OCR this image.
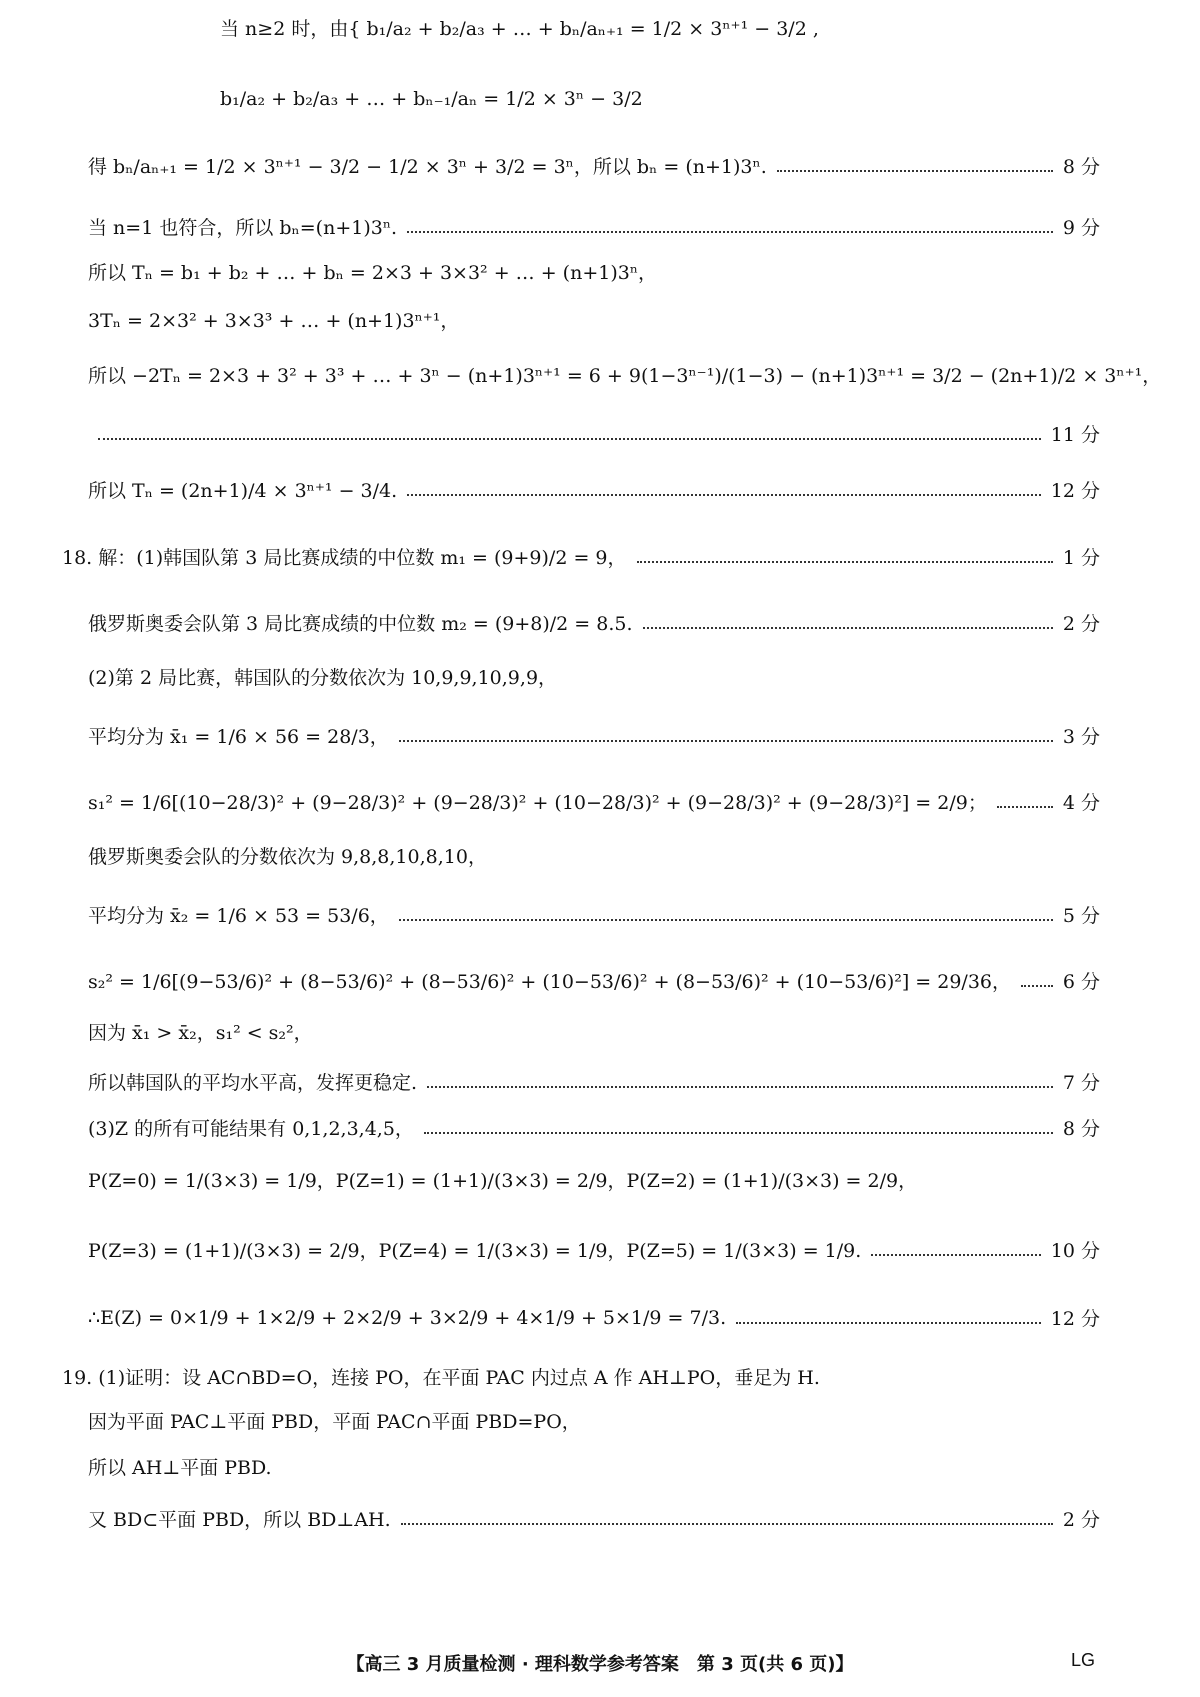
当 n≥2 时，由{ b₁/a₂ + b₂/a₃ + … + bₙ/aₙ₊₁ = 1/2 × 3ⁿ⁺¹ − 3/2 ,
b₁/a₂ + b₂/a₃ + … + bₙ₋₁/aₙ = 1/2 × 3ⁿ − 3/2
得 bₙ/aₙ₊₁ = 1/2 × 3ⁿ⁺¹ − 3/2 − 1/2 × 3ⁿ + 3/2 = 3ⁿ，所以 bₙ = (n+1)3ⁿ.	8 分
当 n=1 也符合，所以 bₙ=(n+1)3ⁿ.	9 分
所以 Tₙ = b₁ + b₂ + … + bₙ = 2×3 + 3×3² + … + (n+1)3ⁿ，
3Tₙ = 2×3² + 3×3³ + … + (n+1)3ⁿ⁺¹，
所以 −2Tₙ = 2×3 + 3² + 3³ + … + 3ⁿ − (n+1)3ⁿ⁺¹ = 6 + 9(1−3ⁿ⁻¹)/(1−3) − (n+1)3ⁿ⁺¹ = 3/2 − (2n+1)/2 × 3ⁿ⁺¹，
11 分
所以 Tₙ = (2n+1)/4 × 3ⁿ⁺¹ − 3/4.	12 分
18. 解：(1)韩国队第 3 局比赛成绩的中位数 m₁ = (9+9)/2 = 9，	1 分
俄罗斯奥委会队第 3 局比赛成绩的中位数 m₂ = (9+8)/2 = 8.5.	2 分
(2)第 2 局比赛，韩国队的分数依次为 10,9,9,10,9,9，
平均分为 x̄₁ = 1/6 × 56 = 28/3，	3 分
s₁² = 1/6[(10−28/3)² + (9−28/3)² + (9−28/3)² + (10−28/3)² + (9−28/3)² + (9−28/3)²] = 2/9；	4 分
俄罗斯奥委会队的分数依次为 9,8,8,10,8,10，
平均分为 x̄₂ = 1/6 × 53 = 53/6，	5 分
s₂² = 1/6[(9−53/6)² + (8−53/6)² + (8−53/6)² + (10−53/6)² + (8−53/6)² + (10−53/6)²] = 29/36，	6 分
因为 x̄₁ > x̄₂，s₁² < s₂²，
所以韩国队的平均水平高，发挥更稳定.	7 分
(3)Z 的所有可能结果有 0,1,2,3,4,5，	8 分
P(Z=0) = 1/(3×3) = 1/9，P(Z=1) = (1+1)/(3×3) = 2/9，P(Z=2) = (1+1)/(3×3) = 2/9，
P(Z=3) = (1+1)/(3×3) = 2/9，P(Z=4) = 1/(3×3) = 1/9，P(Z=5) = 1/(3×3) = 1/9.	10 分
∴E(Z) = 0×1/9 + 1×2/9 + 2×2/9 + 3×2/9 + 4×1/9 + 5×1/9 = 7/3.	12 分
19. (1)证明：设 AC∩BD=O，连接 PO，在平面 PAC 内过点 A 作 AH⊥PO，垂足为 H.
因为平面 PAC⊥平面 PBD，平面 PAC∩平面 PBD=PO，
所以 AH⊥平面 PBD.
又 BD⊂平面 PBD，所以 BD⊥AH.	2 分
【高三 3 月质量检测 · 理科数学参考答案　第 3 页(共 6 页)】	LG
